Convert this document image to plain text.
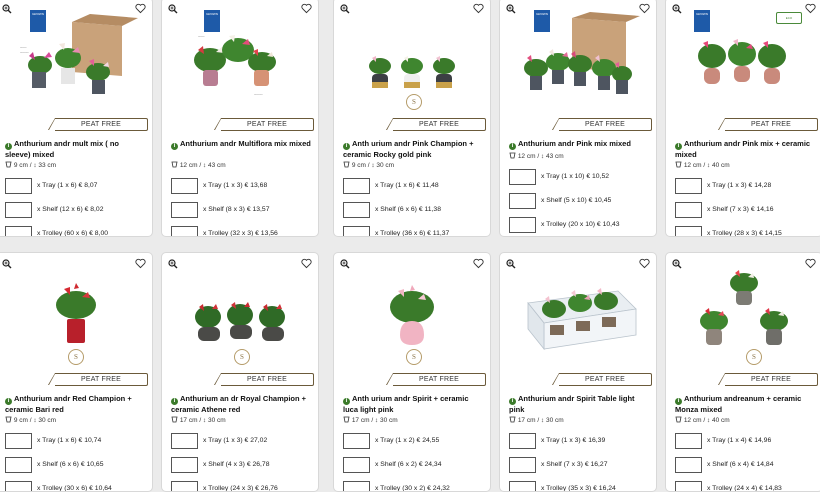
GROWN
~~~
~~~~
PEAT FREE
i Anthurium andr mult mix ( no sleeve) mixed
9 cm / ↕ 33 cm
x Tray (1 x 6) € 8,07
x Shelf (12 x 6) € 8,02
x Trolley (60 x 6) € 8,00
GROWN
~~~
~~~~
PEAT FREE
i Anthurium andr Multiflora mix mixed
12 cm / ↕ 43 cm
x Tray (1 x 3) € 13,68
x Shelf (8 x 3) € 13,57
x Trolley (32 x 3) € 13,56
S
PEAT FREE
i Anth urium andr Pink Champion + ceramic Rocky gold pink
9 cm / ↕ 30 cm
x Tray (1 x 6) € 11,48
x Shelf (6 x 6) € 11,38
x Trolley (36 x 6) € 11,37
GROWN
PEAT FREE
i Anthurium andr Pink mix mixed
12 cm / ↕ 43 cm
x Tray (1 x 10) € 10,52
x Shelf (5 x 10) € 10,45
x Trolley (20 x 10) € 10,43
GROWN
ECO
PEAT FREE
i Anthurium andr Pink mix + ceramic mixed
12 cm / ↕ 40 cm
x Tray (1 x 3) € 14,28
x Shelf (7 x 3) € 14,16
x Trolley (28 x 3) € 14,15
S
PEAT FREE
i Anthurium andr Red Champion + ceramic Bari red
9 cm / ↕ 30 cm
x Tray (1 x 6) € 10,74
x Shelf (6 x 6) € 10,65
x Trolley (30 x 6) € 10,64
S
PEAT FREE
i Anthurium an dr Royal Champion + ceramic Athene red
17 cm / ↕ 30 cm
x Tray (1 x 3) € 27,02
x Shelf (4 x 3) € 26,78
x Trolley (24 x 3) € 26,76
S
PEAT FREE
i Anth urium andr Spirit + ceramic luca light pink
17 cm / ↕ 30 cm
x Tray (1 x 2) € 24,55
x Shelf (6 x 2) € 24,34
x Trolley (30 x 2) € 24,32
PEAT FREE
i Anthurium andr Spirit Table light pink
17 cm / ↕ 30 cm
x Tray (1 x 3) € 16,39
x Shelf (7 x 3) € 16,27
x Trolley (35 x 3) € 16,24
S
PEAT FREE
i Anthurium andreanum + ceramic Monza mixed
12 cm / ↕ 40 cm
x Tray (1 x 4) € 14,96
x Shelf (6 x 4) € 14,84
x Trolley (24 x 4) € 14,83
